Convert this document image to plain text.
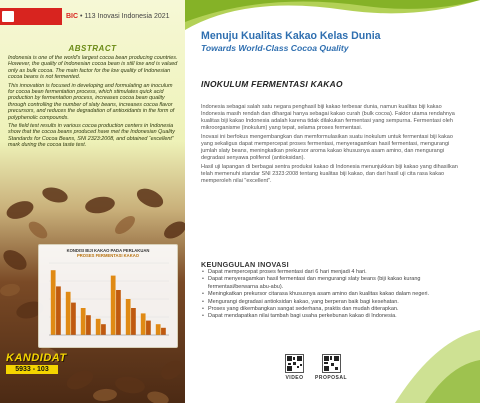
BIC • 113 Inovasi Indonesia 2021
ABSTRACT

Indonesia is one of the world's largest cocoa bean producing countries. However, the quality of Indonesian cocoa bean is still low and is valued only as bulk cocoa. The main factor for the low quality of Indonesian cocoa beans is not fermented.

This innovation is focused in developing and formulating an inoculum for cocoa bean fermentation process, which stimulates quick acid production by fermentation process, increases cocoa bean quality through controlling the number of slaty beans, increases cocoa flavor precursors, and reduces the degradation of antioxidants in the form of polyphenolic compounds.

The field test results in various cocoa production centers in Indonesia show that the cocoa beans produced have met the Indonesian Quality Standards for Cocoa Beans, SNI 2323:2008, and obtained “excellent” mark during the cocoa taste test.

KONDISI BIJI KAKAO PADA PERLAKUAN
PROSES FERMENTASI KAKAO
KANDIDAT
5933 - 103
Menuju Kualitas Kakao Kelas Dunia
Towards World-Class Cocoa Quality
INOKULUM FERMENTASI KAKAO

Indonesia sebagai salah satu negara penghasil biji kakao terbesar dunia, namun kualitas biji kakao Indonesia masih rendah dan dihargai hanya sebagai kakao curah (bulk cocoa). Faktor utama rendahnya kualitas biji kakao Indonesia adalah karena tidak dilakukan fermentasi yang sempurna. Fermentasi oleh mikroorganisme (inokulum) yang tepat, selama proses fermentasi.

Inovasi ini berfokus mengembangkan dan memformulasikan suatu inokulum untuk fermentasi biji kakao yang sekaligus dapat mempercepat proses fermentasi, menyeragamkan hasil fermentasi, mengurangi jumlah slaty beans, meningkatkan prekursor aroma kakao khususnya asam amino, dan mengurangi degradasi senyawa polifenol (antioksidan).

Hasil uji lapangan di berbagai sentra produksi kakao di Indonesia menunjukkan biji kakao yang dihasilkan telah memenuhi standar SNI 2323:2008 tentang kualitas biji kakao, dan dari hasil uji cita rasa kakao memperoleh nilai "excellent".

KEUNGGULAN INOVASI
• Dapat mempercepat proses fermentasi dari 6 hari menjadi 4 hari.
• Dapat menyeragamkan hasil fermentasi dan mengurangi slaty beans (biji kakao kurang fermentasi/berwarna abu-abu).
• Meningkatkan prekursor citarasa khususnya asam amino dan kualitas kakao dalam negeri.
• Mengurangi degradasi antioksidan kakao, yang berperan baik bagi kesehatan.
• Proses yang dikembangkan sangat sederhana, praktis dan mudah diterapkan.
• Dapat mendapatkan nilai tambah bagi usaha perkebunan kakao di Indonesia.
VIDEO PROPOSAL
